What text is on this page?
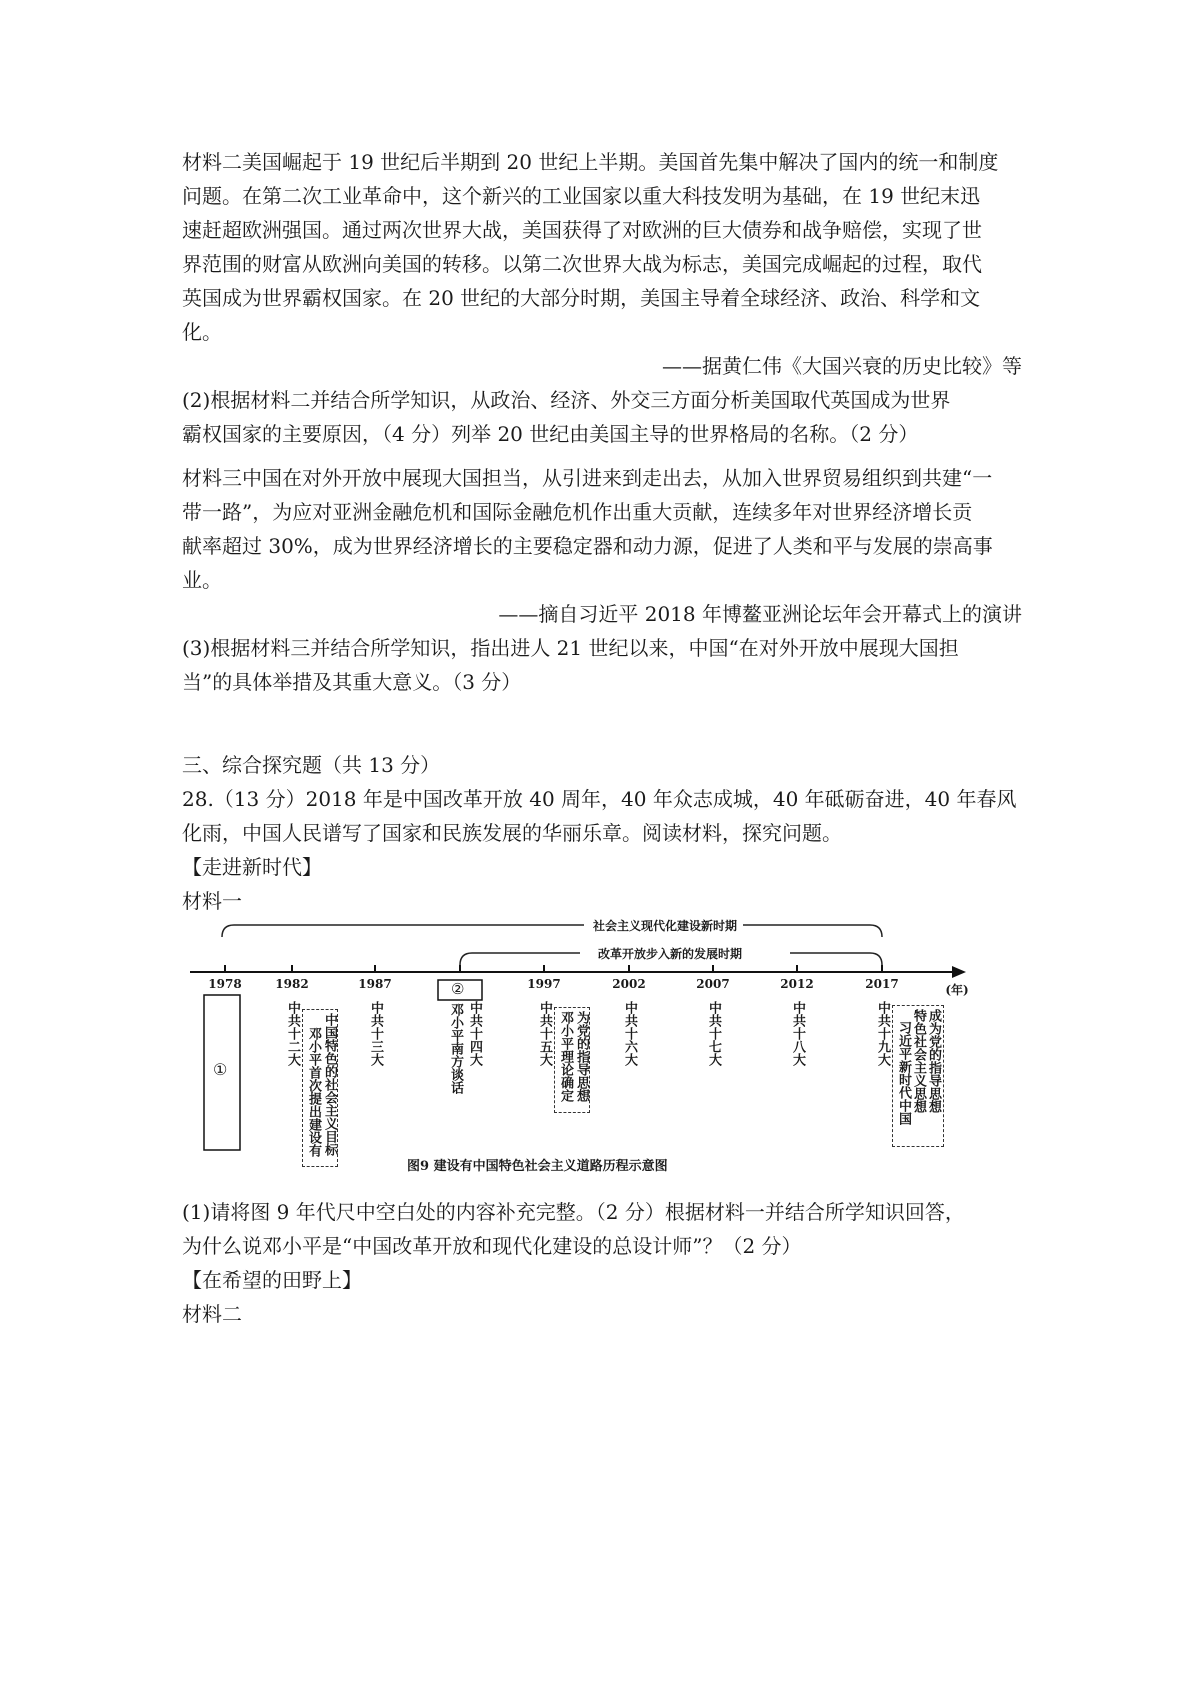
材料二美国崛起于 19 世纪后半期到 20 世纪上半期。美国首先集中解决了国内的统一和制度

问题。在第二次工业革命中，这个新兴的工业国家以重大科技发明为基础，在 19 世纪末迅

速赶超欧洲强国。通过两次世界大战，美国获得了对欧洲的巨大债券和战争赔偿，实现了世

界范围的财富从欧洲向美国的转移。以第二次世界大战为标志，美国完成崛起的过程，取代

英国成为世界霸权国家。在 20 世纪的大部分时期，美国主导着全球经济、政治、科学和文

化。

——据黄仁伟《大国兴衰的历史比较》等

(2)根据材料二并结合所学知识，从政治、经济、外交三方面分析美国取代英国成为世界

霸权国家的主要原因，（4 分）列举 20 世纪由美国主导的世界格局的名称。（2 分）

材料三中国在对外开放中展现大国担当，从引进来到走出去，从加入世界贸易组织到共建“一

带一路”，为应对亚洲金融危机和国际金融危机作出重大贡献，连续多年对世界经济增长贡

献率超过 30%，成为世界经济增长的主要稳定器和动力源，促进了人类和平与发展的崇高事

业。

——摘自习近平 2018 年博鳌亚洲论坛年会开幕式上的演讲

(3)根据材料三并结合所学知识，指出进人 21 世纪以来，中国“在对外开放中展现大国担

当”的具体举措及其重大意义。（3 分）

三、综合探究题（共 13 分）

28.（13 分）2018 年是中国改革开放 40 周年，40 年众志成城，40 年砥砺奋进，40 年春风

化雨，中国人民谱写了国家和民族发展的华丽乐章。阅读材料，探究问题。

【走进新时代】

材料一

社会主义现代化建设新时期
改革开放步入新的发展时期
1978	1982	1987	1997	2002	2007	2012	2017	(年)
①
②
中共十二大	中共十三大	中共十四大	中共十五大	中共十六大	中共十七大	中共十八大	中共十九大
中国特色的社会主义目标
邓小平首次提出建设有	邓小平南方谈话	为党的指导思想
邓小平理论确定	成为党的指导思想
特色社会主义思想
习近平新时代中国
图9 建设有中国特色社会主义道路历程示意图

(1)请将图 9 年代尺中空白处的内容补充完整。（2 分）根据材料一并结合所学知识回答，

为什么说邓小平是“中国改革开放和现代化建设的总设计师”？（2 分）

【在希望的田野上】

材料二
